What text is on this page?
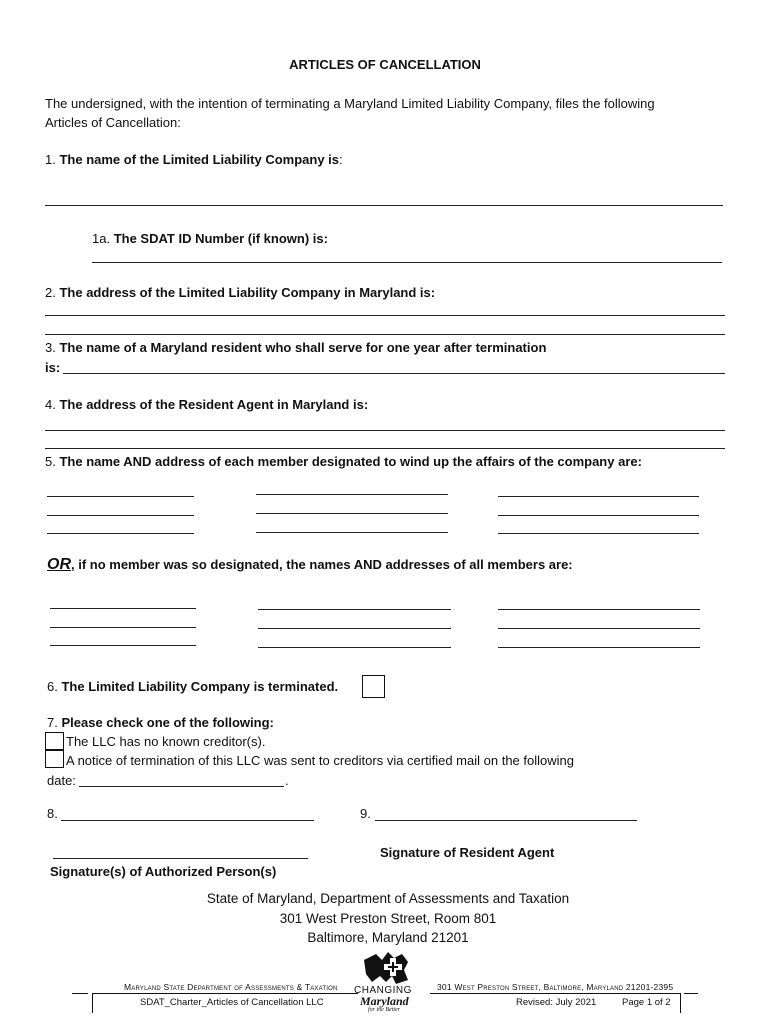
ARTICLES OF CANCELLATION
The undersigned, with the intention of terminating a Maryland Limited Liability Company, files the following
Articles of Cancellation:
1. The name of the Limited Liability Company is:
1a. The SDAT ID Number (if known) is:
2. The address of the Limited Liability Company in Maryland is:
3. The name of a Maryland resident who shall serve for one year after termination
is:
4. The address of the Resident Agent in Maryland is:
5. The name AND address of each member designated to wind up the affairs of the company are:
OR, if no member was so designated, the names AND addresses of all members are:
6. The Limited Liability Company is terminated.
7. Please check one of the following:
The LLC has no known creditor(s).
A notice of termination of this LLC was sent to creditors via certified mail on the following
date:	.
8.	9.
Signature of Resident Agent
Signature(s) of Authorized Person(s)
State of Maryland, Department of Assessments and Taxation
301 West Preston Street, Room 801
Baltimore, Maryland 21201
Maryland State Department of Assessments & Taxation
SDAT_Charter_Articles of Cancellation LLC
CHANGING
Maryland
for the Better
301 West Preston Street, Baltimore, Maryland 21201-2395
Revised: July 2021	Page 1 of 2
